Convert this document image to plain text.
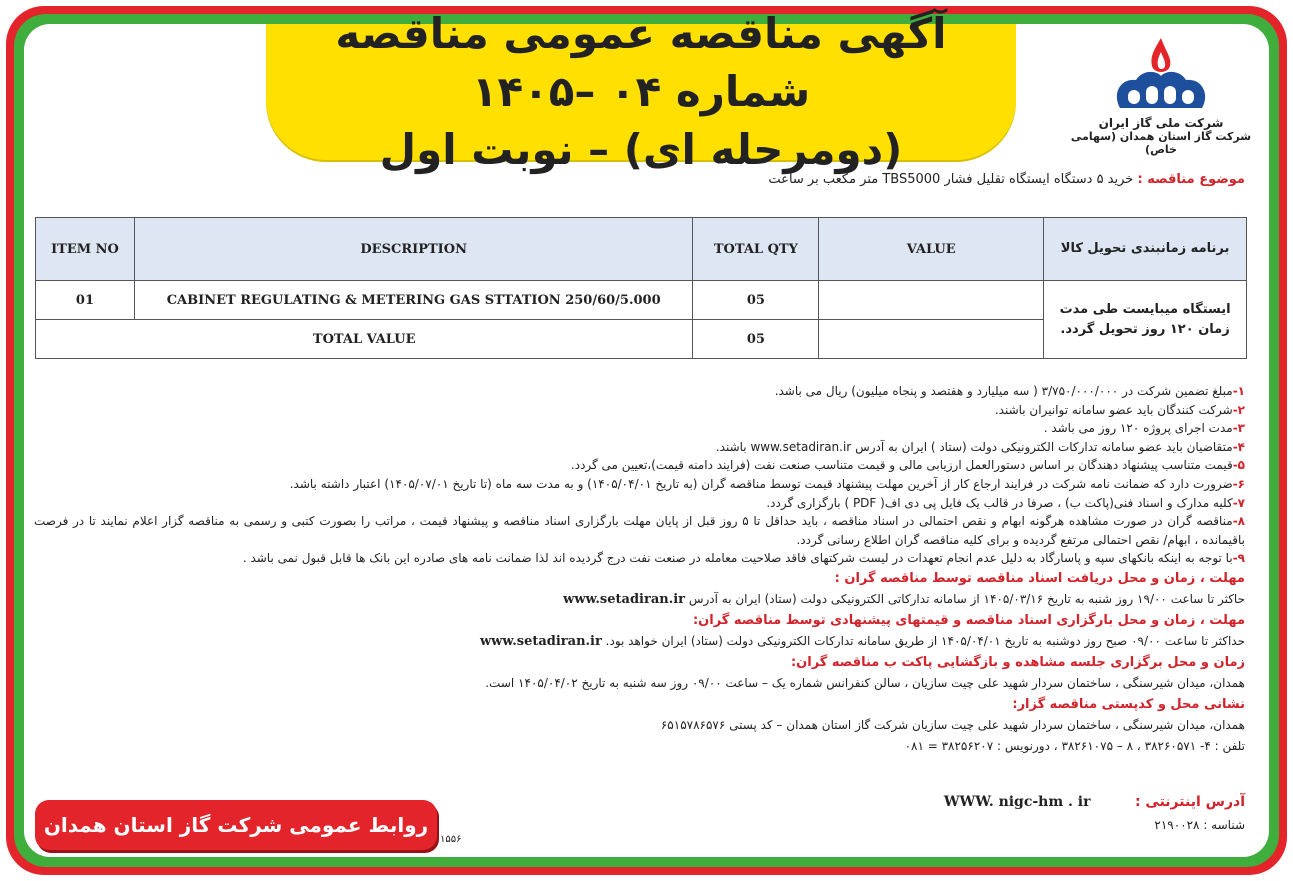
آگهی مناقصه عمومی مناقصه شماره ۰۴ –۱۴۰۵
(دومرحله ای) – نوبت اول
شرکت ملی گاز ایران
شرکت گاز استان همدان (سهامی خاص)
موضوع مناقصه : خرید ۵ دستگاه ایستگاه تقلیل فشار TBS5000 متر مکعب بر ساعت
ITEM NO	DESCRIPTION	TOTAL QTY	VALUE	برنامه زمانبندی تحویل کالا
01	CABINET REGULATING & METERING GAS STTATION 250/60/5.000	05		ایستگاه میبایست طی مدت زمان ۱۲۰ روز تحویل گردد.
TOTAL VALUE		05		
۱-مبلغ تضمین شرکت در ۳/۷۵۰/۰۰۰/۰۰۰ ( سه میلیارد و هفتصد و پنجاه میلیون) ریال می باشد.
۲-شرکت کنندگان باید عضو سامانه توانیران باشند.
۳-مدت اجرای پروژه ۱۲۰ روز می باشد .
۴-متقاضیان باید عضو سامانه تدارکات الکترونیکی دولت (ستاد ) ایران به آدرس www.setadiran.ir باشند.
۵-قیمت متناسب پیشنهاد دهندگان بر اساس دستورالعمل ارزیابی مالی و قیمت متناسب صنعت نفت (فرایند دامنه قیمت)،تعیین می گردد.
۶-ضرورت دارد که ضمانت نامه شرکت در فرایند ارجاع کار از آخرین مهلت پیشنهاد قیمت توسط مناقصه گران (به تاریخ ۱۴۰۵/۰۴/۰۱) و به مدت سه ماه (تا تاریخ ۱۴۰۵/۰۷/۰۱) اعتبار داشته باشد.
۷-کلیه مدارک و اسناد فنی(پاکت ب) ، صرفا در قالب یک فایل پی دی اف( PDF ) بارگزاری گردد.
۸-مناقصه گران در صورت مشاهده هرگونه ابهام و نقص احتمالی در اسناد مناقصه ، باید حداقل تا ۵ روز قبل از پایان مهلت بارگزاری اسناد مناقصه و پیشنهاد قیمت ، مراتب را بصورت کتبی و رسمی به مناقصه گزار اعلام نمایند تا در فرصت باقیمانده ، ابهام/ نقص احتمالی مرتفع گردیده و برای کلیه مناقصه گران اطلاع رسانی گردد.
۹-با توجه به اینکه بانکهای سپه و پاسارگاد به دلیل عدم انجام تعهدات در لیست شرکتهای فاقد صلاحیت معامله در صنعت نفت درج گردیده اند لذا ضمانت نامه های صادره این بانک ها قابل قبول نمی باشد .
مهلت ، زمان و محل دریافت اسناد مناقصه توسط مناقصه گران :
حاکثر تا ساعت ۱۹/۰۰ روز شنبه به تاریخ ۱۴۰۵/۰۳/۱۶ از سامانه تدارکاتی الکترونیکی دولت (ستاد) ایران به آدرس www.setadiran.ir
مهلت ، زمان و محل بارگزاری اسناد مناقصه و قیمتهای پیشنهادی توسط مناقصه گران:
حداکثر تا ساعت ۰۹/۰۰ صبح روز دوشنبه به تاریخ ۱۴۰۵/۰۴/۰۱ از طریق سامانه تدارکات الکترونیکی دولت (ستاد) ایران خواهد بود. www.setadiran.ir
زمان و محل برگزاری جلسه مشاهده و بازگشایی پاکت ب مناقصه گران:
همدان، میدان شیرسنگی ، ساختمان سردار شهید علی چیت سازیان ، سالن کنفرانس شماره یک – ساعت ۰۹/۰۰ روز سه شنبه به تاریخ ۱۴۰۵/۰۴/۰۲ است.
نشانی محل و کدپستی مناقصه گزار:
همدان، میدان شیرسنگی ، ساختمان سردار شهید علی چیت سازیان شرکت گاز استان همدان – کد پستی ۶۵۱۵۷۸۶۵۷۶
تلفن : ۴- ۳۸۲۶۰۵۷۱ ، ۸ – ۳۸۲۶۱۰۷۵ ، دورنویس : ۳۸۲۵۶۲۰۷ = ۰۸۱
آدرس اینترنتی : WWW. nigc-hm . ir
شناسه : ۲۱۹۰۰۲۸
روابط عمومی شرکت گاز استان همدان
۱۵۵۶
